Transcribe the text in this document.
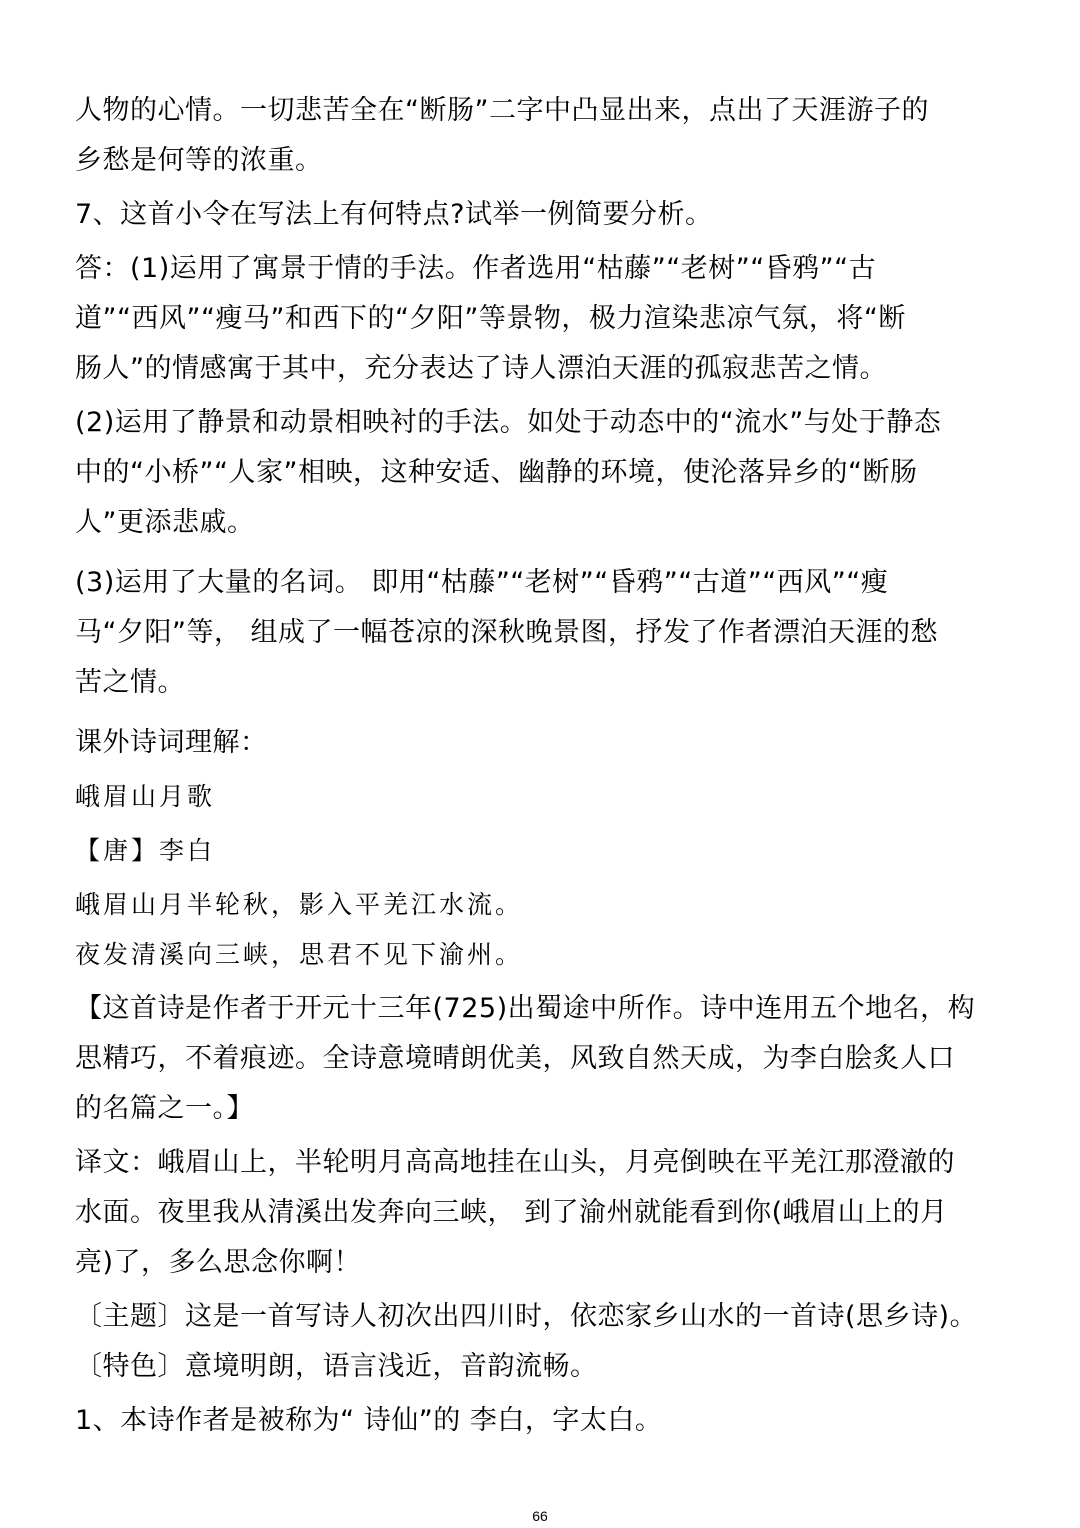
人物的心情。一切悲苦全在“断肠”二字中凸显出来，点出了天涯游子的
乡愁是何等的浓重。
7、这首小令在写法上有何特点?试举一例简要分析。
答：(1)运用了寓景于情的手法。作者选用“枯藤”“老树”“昏鸦”“古
道”“西风”“瘦马”和西下的“夕阳”等景物，极力渲染悲凉气氛，将“断
肠人”的情感寓于其中，充分表达了诗人漂泊天涯的孤寂悲苦之情。
(2)运用了静景和动景相映衬的手法。如处于动态中的“流水”与处于静态
中的“小桥”“人家”相映，这种安适、幽静的环境，使沦落异乡的“断肠
人”更添悲戚。
(3)运用了大量的名词。 即用“枯藤”“老树”“昏鸦”“古道”“西风”“瘦
马“夕阳”等， 组成了一幅苍凉的深秋晚景图，抒发了作者漂泊天涯的愁
苦之情。
课外诗词理解：
峨眉山月歌
【唐】李白
峨眉山月半轮秋，影入平羌江水流。
夜发清溪向三峡，思君不见下渝州。
【这首诗是作者于开元十三年(725)出蜀途中所作。诗中连用五个地名，构
思精巧，不着痕迹。全诗意境晴朗优美，风致自然天成，为李白脍炙人口
的名篇之一。】
译文：峨眉山上，半轮明月高高地挂在山头，月亮倒映在平羌江那澄澈的
水面。夜里我从清溪出发奔向三峡， 到了渝州就能看到你(峨眉山上的月
亮)了，多么思念你啊！
〔主题〕这是一首写诗人初次出四川时，依恋家乡山水的一首诗(思乡诗)。
〔特色〕意境明朗，语言浅近，音韵流畅。
1、本诗作者是被称为“ 诗仙”的 李白，字太白。
66
